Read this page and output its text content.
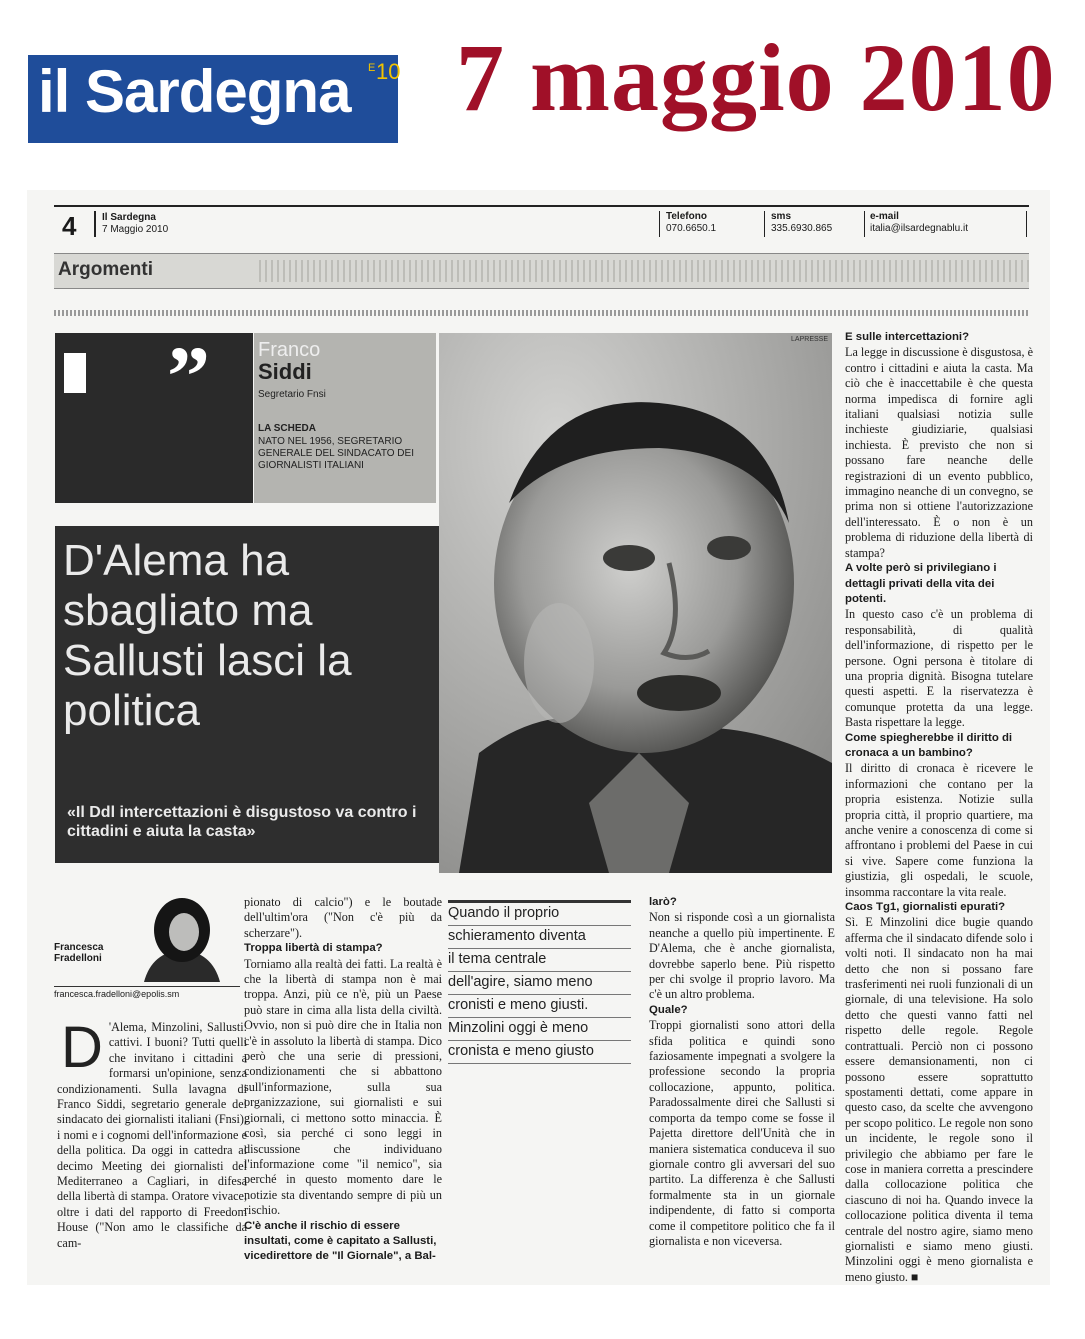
il Sardegna E 10 7 maggio 2010
4	Il Sardegna
7 Maggio 2010
Telefono
070.6650.1
sms
335.6930.865
e-mail
italia@ilsardegnablu.it
Argomenti
” Franco
Siddi
Segretario Fnsi
LA SCHEDA
NATO NEL 1956, SEGRETARIO GENERALE DEL SINDACATO DEI GIORNALISTI ITALIANI
D'Alema ha sbagliato ma Sallusti lasci la politica
«Il Ddl intercettazioni è disgustoso va contro i cittadini e aiuta la casta»
LAPRESSE
Francesca
Fradelloni
francesca.fradelloni@epolis.sm
D 'Alema, Minzolini, Sallusti: cattivi. I buoni? Tutti quelli che invitano i cittadini a formarsi un'opinione, senza condizionamenti. Sulla lavagna di Franco Siddi, segretario generale del sindacato dei giornalisti italiani (Fnsi), i nomi e i cognomi dell'informazione e della politica. Da oggi in cattedra al decimo Meeting dei giornalisti del Mediterraneo a Cagliari, in difesa della libertà di stampa. Oratore vivace, oltre i dati del rapporto di Freedom House ("Non amo le classifiche da cam-
pionato di calcio") e le boutade dell'ultim'ora ("Non c'è più da scherzare").
Troppa libertà di stampa?
Torniamo alla realtà dei fatti. La realtà è che la libertà di stampa non è mai troppa. Anzi, più ce n'è, più un Paese può stare in cima alla lista della civiltà. Ovvio, non si può dire che in Italia non c'è in assoluto la libertà di stampa. Dico però che una serie di pressioni, condizionamenti che si abbattono sull'informazione, sulla sua organizzazione, sui giornalisti e sui giornali, ci mettono sotto minaccia. È così, sia perché ci sono leggi in discussione che individuano l'informazione come "il nemico", sia perché in questo momento dare le notizie sta diventando sempre di più un rischio.
C'è anche il rischio di essere insultati, come è capitato a Sallusti, vicedirettore de "Il Giornale", a Bal-
Quando il proprio
schieramento diventa
il tema centrale
dell'agire, siamo meno
cronisti e meno giusti.
Minzolini oggi è meno
cronista e meno giusto
larò?
Non si risponde così a un giornalista neanche a quello più impertinente. E D'Alema, che è anche giornalista, dovrebbe saperlo bene. Più rispetto per chi svolge il proprio lavoro. Ma c'è un altro problema.
Quale?
Troppi giornalisti sono attori della sfida politica e quindi sono faziosamente impegnati a svolgere la professione secondo la propria collocazione, appunto, politica. Paradossalmente direi che Sallusti si comporta da tempo come se fosse il Pajetta direttore dell'Unità che in maniera sistematica conduceva il suo giornale contro gli avversari del suo partito. La differenza è che Sallusti formalmente sta in un giornale indipendente, di fatto si comporta come il competitore politico che fa il giornalista e non viceversa.
E sulle intercettazioni?
La legge in discussione è disgustosa, è contro i cittadini e aiuta la casta. Ma ciò che è inaccettabile è che questa norma impedisca di fornire agli italiani qualsiasi notizia sulle inchieste giudiziarie, qualsiasi inchiesta. È previsto che non si possano fare neanche delle registrazioni di un evento pubblico, immagino neanche di un convegno, se prima non si ottiene l'autorizzazione dell'interessato. È o non è un problema di riduzione della libertà di stampa?
A volte però si privilegiano i dettagli privati della vita dei potenti.
In questo caso c'è un problema di responsabilità, di qualità dell'informazione, di rispetto per le persone. Ogni persona è titolare di una propria dignità. Bisogna tutelare questi aspetti. E la riservatezza è comunque protetta da una legge. Basta rispettare la legge.
Come spiegherebbe il diritto di cronaca a un bambino?
Il diritto di cronaca è ricevere le informazioni che contano per la propria esistenza. Notizie sulla propria città, il proprio quartiere, ma anche venire a conoscenza di come si affrontano i problemi del Paese in cui si vive. Sapere come funziona la giustizia, gli ospedali, le scuole, insomma raccontare la vita reale.
Caos Tg1, giornalisti epurati?
Sì. E Minzolini dice bugie quando afferma che il sindacato difende solo i volti noti. Il sindacato non ha mai detto che non si possano fare trasferimenti nei ruoli funzionali di un giornale, di una televisione. Ha solo detto che questi vanno fatti nel rispetto delle regole. Regole contrattuali. Perciò non ci possono essere demansionamenti, non ci possono essere soprattutto spostamenti dettati, come appare in questo caso, da scelte che avvengono per scopo politico. Le regole non sono un incidente, le regole sono il privilegio che abbiamo per fare le cose in maniera corretta a prescindere dalla collocazione politica che ciascuno di noi ha. Quando invece la collocazione politica diventa il tema centrale del nostro agire, siamo meno giornalisti e siamo meno giusti. Minzolini oggi è meno giornalista e meno giusto. ■
